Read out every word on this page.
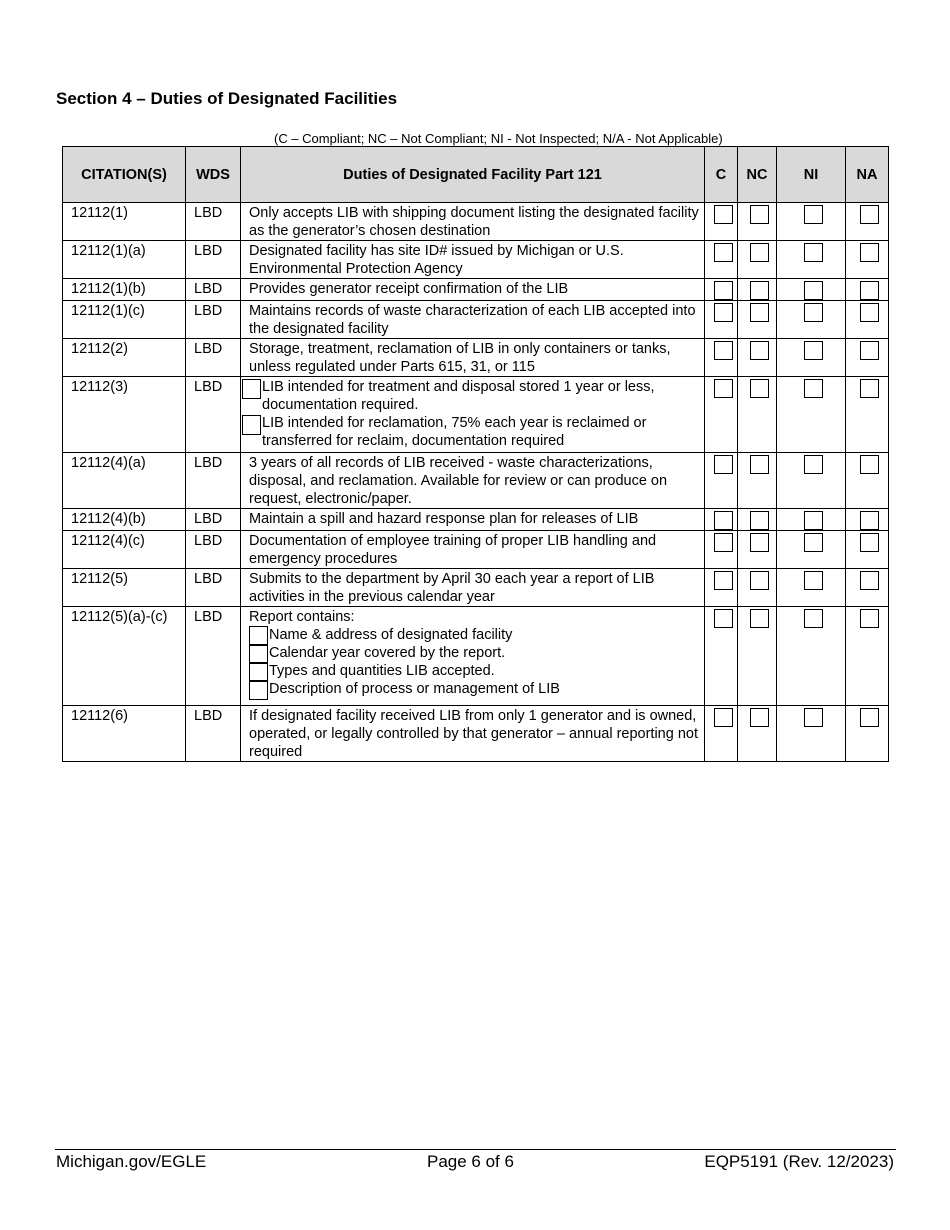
Section 4 – Duties of Designated Facilities
(C – Compliant; NC – Not Compliant; NI - Not Inspected; N/A - Not Applicable)
CITATION(S)	WDS	Duties of Designated Facility Part 121	C	NC	NI	NA
12112(1)	LBD	Only accepts LIB with shipping document listing the designated facility as the generator’s chosen destination				

12112(1)(a)	LBD	Designated facility has site ID# issued by Michigan or U.S. Environmental Protection Agency				

12112(1)(b)	LBD	Provides generator receipt confirmation of the LIB				

12112(1)(c)	LBD	Maintains records of waste characterization of each LIB accepted into the designated facility				

12112(2)	LBD	Storage, treatment, reclamation of LIB in only containers or tanks, unless regulated under Parts 615, 31, or 115				

12112(3)	LBD	LIB intended for treatment and disposal stored 1 year or less, documentation required.
LIB intended for reclamation, 75% each year is reclaimed or transferred for reclaim, documentation required				

12112(4)(a)	LBD	3 years of all records of LIB received - waste characterizations, disposal, and reclamation. Available for review or can produce on request, electronic/paper.				

12112(4)(b)	LBD	Maintain a spill and hazard response plan for releases of LIB				

12112(4)(c)	LBD	Documentation of employee training of proper LIB handling and emergency procedures				

12112(5)	LBD	Submits to the department by April 30 each year a report of LIB activities in the previous calendar year				

12112(5)(a)-(c)	LBD	Report contains:
Name & address of designated facility
Calendar year covered by the report.
Types and quantities LIB accepted.
Description of process or management of LIB				

12112(6)	LBD	If designated facility received LIB from only 1 generator and is owned, operated, or legally controlled by that generator – annual reporting not required				

Michigan.gov/EGLE	Page 6 of 6	EQP5191 (Rev. 12/2023)
